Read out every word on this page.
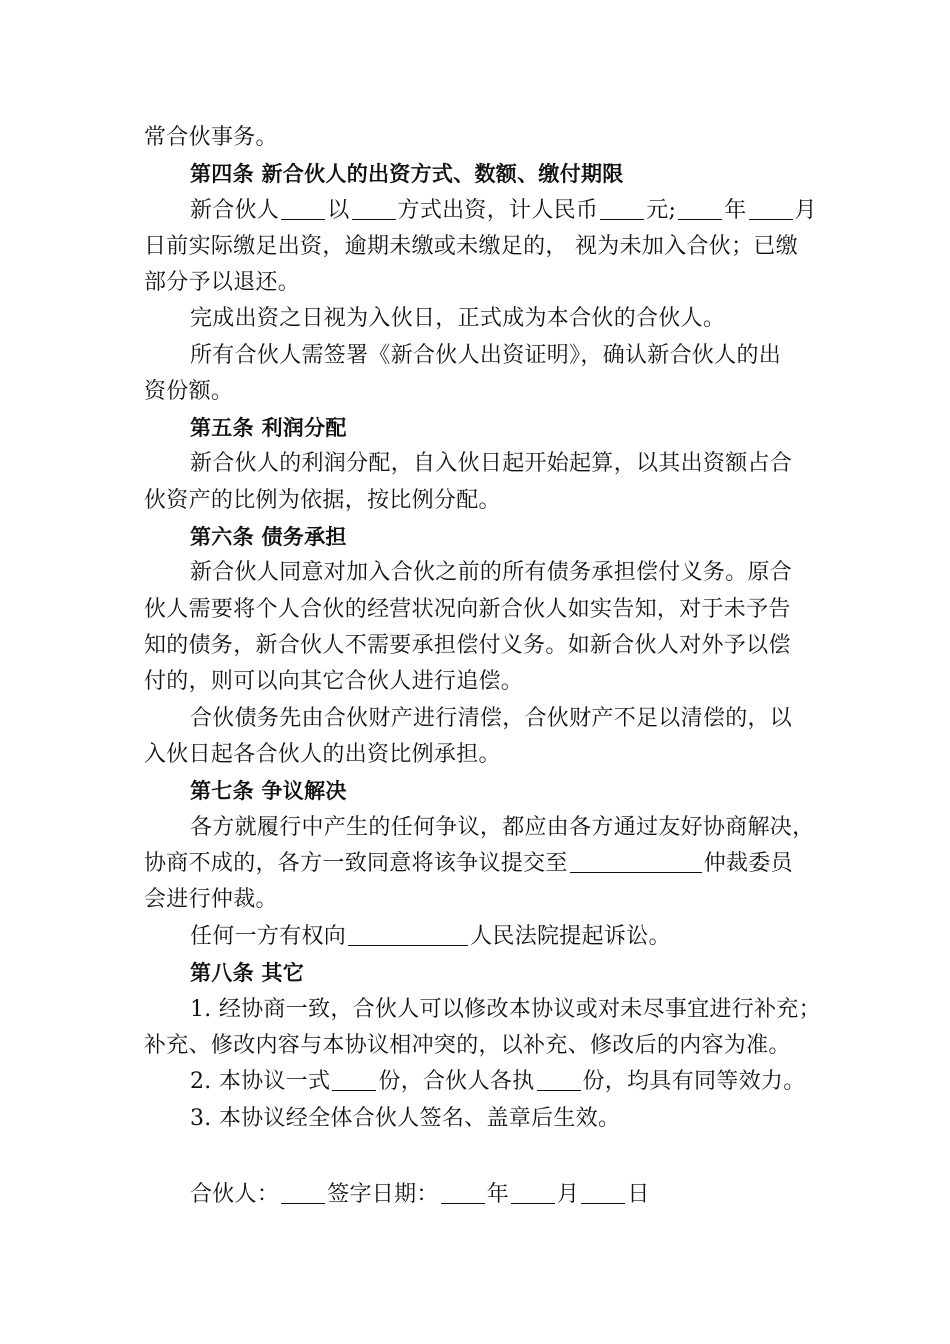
常合伙事务。
第四条 新合伙人的出资方式、数额、缴付期限
新合伙人 以 方式出资，计人民币 元; 年 月
日前实际缴足出资，逾期未缴或未缴足的， 视为未加入合伙；已缴
部分予以退还。
完成出资之日视为入伙日，正式成为本合伙的合伙人。
所有合伙人需签署《新合伙人出资证明》，确认新合伙人的出
资份额。
第五条 利润分配
新合伙人的利润分配，自入伙日起开始起算，以其出资额占合
伙资产的比例为依据，按比例分配。
第六条 债务承担
新合伙人同意对加入合伙之前的所有债务承担偿付义务。原合
伙人需要将个人合伙的经营状况向新合伙人如实告知，对于未予告
知的债务，新合伙人不需要承担偿付义务。如新合伙人对外予以偿
付的，则可以向其它合伙人进行追偿。
合伙债务先由合伙财产进行清偿，合伙财产不足以清偿的，以
入伙日起各合伙人的出资比例承担。
第七条 争议解决
各方就履行中产生的任何争议，都应由各方通过友好协商解决，
协商不成的，各方一致同意将该争议提交至	仲裁委员
会进行仲裁。
任何一方有权向	人民法院提起诉讼。
第八条 其它
1. 经协商一致，合伙人可以修改本协议或对未尽事宜进行补充；
补充、修改内容与本协议相冲突的，以补充、修改后的内容为准。
2. 本协议一式 份，合伙人各执 份，均具有同等效力。
3. 本协议经全体合伙人签名、盖章后生效。
合伙人： 签字日期： 年 月 日
